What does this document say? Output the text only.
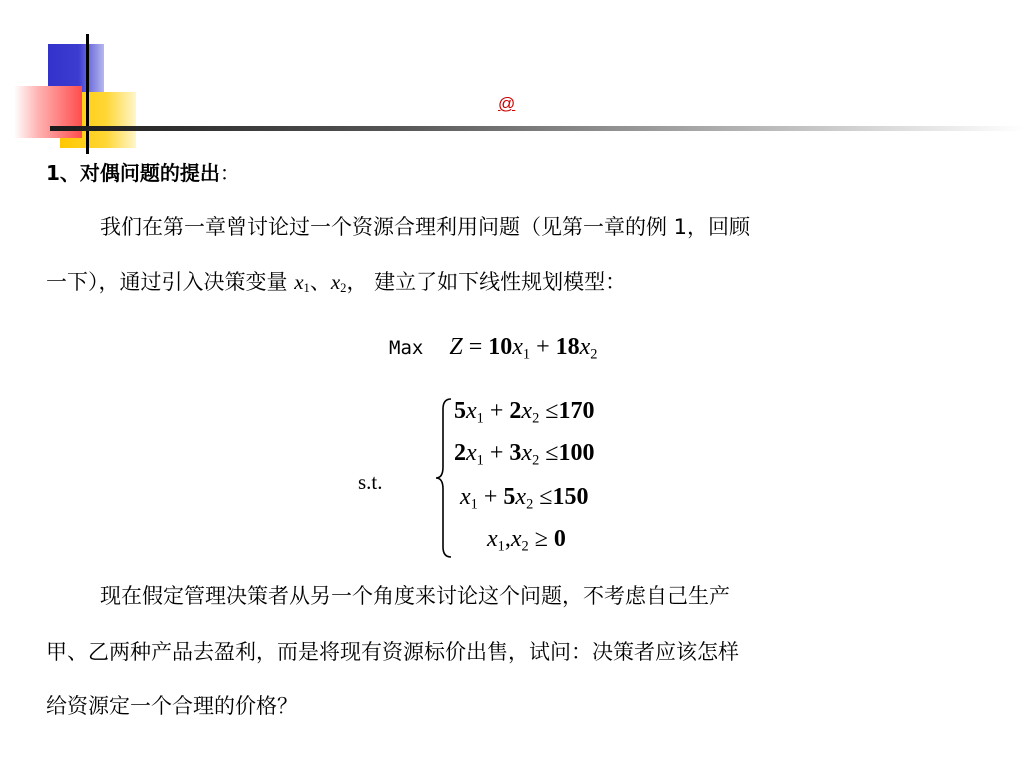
@
1、对偶问题的提出：
我们在第一章曾讨论过一个资源合理利用问题（见第一章的例 1，回顾
一下），通过引入决策变量 $x_1$、$x_2$， 建立了如下线性规划模型：
Max Z = 10x1 + 18x2
s.t.
5x1 + 2x2 ≤170
2x1 + 3x2 ≤100
x1 + 5x2 ≤150
x1,x2 ≥ 0
现在假定管理决策者从另一个角度来讨论这个问题，不考虑自己生产
甲、乙两种产品去盈利，而是将现有资源标价出售，试问：决策者应该怎样
给资源定一个合理的价格？
